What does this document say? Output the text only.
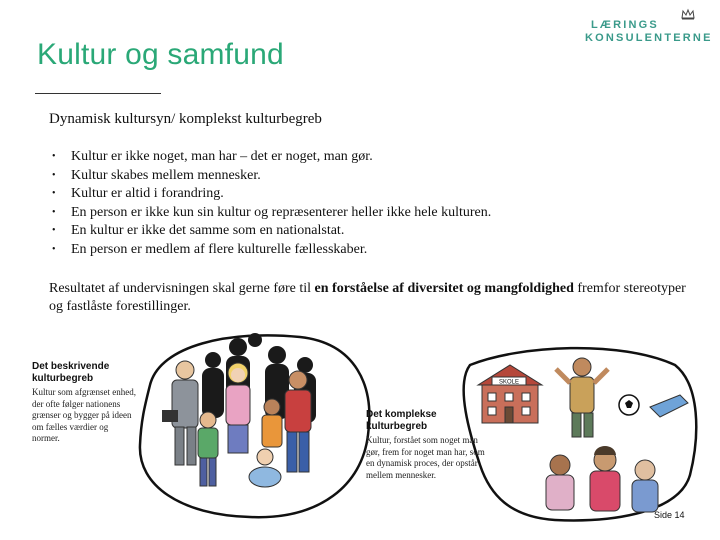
Kultur og samfund
LÆRINGS
KONSULENTERNE
Dynamisk kultursyn/ komplekst kulturbegreb
• Kultur er ikke noget, man har – det er noget, man gør.
• Kultur skabes mellem mennesker.
• Kultur er altid i forandring.
• En person er ikke kun sin kultur og repræsenterer heller ikke hele kulturen.
• En kultur er ikke det samme som en nationalstat.
• En person er medlem af flere kulturelle fællesskaber.
Resultatet af undervisningen skal gerne føre til en forståelse af diversitet og mangfoldighed fremfor stereotyper og fastlåste forestillinger.
SKOLE
Det beskrivende kulturbegreb
Kultur som afgrænset enhed, der ofte følger nationens grænser og bygger på ideen om fælles værdier og normer.
Det komplekse kulturbegreb
Kultur, forstået som noget man gør, frem for noget man har, som en dynamisk proces, der opstår mellem mennesker.
Side 14
